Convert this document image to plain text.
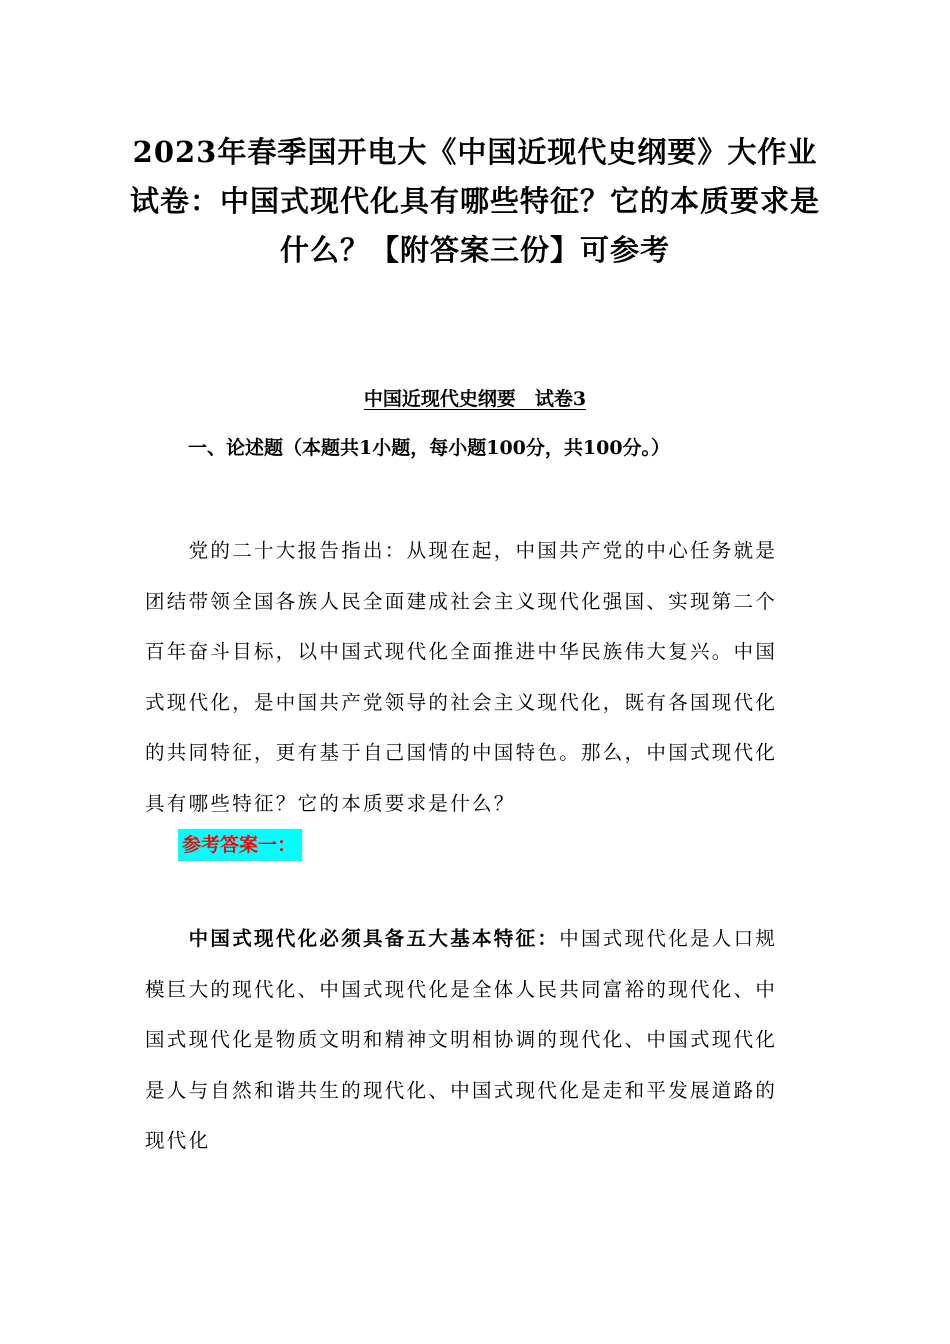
2023年春季国开电大《中国近现代史纲要》大作业
试卷：中国式现代化具有哪些特征？它的本质要求是
什么？【附答案三份】可参考
中国近现代史纲要　试卷3
一、论述题（本题共1小题，每小题100分，共100分。）
　　党的二十大报告指出：从现在起，中国共产党的中心任务就是
团结带领全国各族人民全面建成社会主义现代化强国、实现第二个
百年奋斗目标，以中国式现代化全面推进中华民族伟大复兴。中国
式现代化，是中国共产党领导的社会主义现代化，既有各国现代化
的共同特征，更有基于自己国情的中国特色。那么，中国式现代化
具有哪些特征？它的本质要求是什么？
参考答案一：
　　中国式现代化必须具备五大基本特征：中国式现代化是人口规
模巨大的现代化、中国式现代化是全体人民共同富裕的现代化、中
国式现代化是物质文明和精神文明相协调的现代化、中国式现代化
是人与自然和谐共生的现代化、中国式现代化是走和平发展道路的
现代化
